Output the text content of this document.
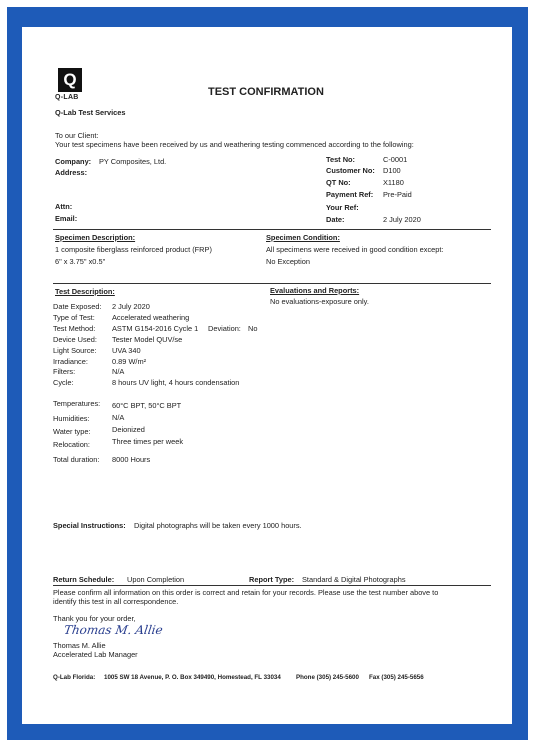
Q
Q-LAB
Q-Lab Test Services
TEST CONFIRMATION
To our Client:
Your test specimens have been received by us and weathering testing commenced according to the following:
Company: PY Composites, Ltd.
Address:
Attn:
Email:
Test No:	C-0001
Customer No: D100
QT No:	X1180
Payment Ref: Pre-Paid
Your Ref:
Date:	2 July 2020
Specimen Description:
1 composite fiberglass reinforced product (FRP)
6" x 3.75" x0.5"
Specimen Condition:
All specimens were received in good condition except:
No Exception
Test Description:	Evaluations and Reports:
No evaluations-exposure only.
Date Exposed: 2 July 2020
Type of Test: Accelerated weathering
Test Method: ASTM G154-2016 Cycle 1 Deviation: No
Device Used: Tester Model QUV/se
Light Source: UVA 340
Irradiance:	0.89 W/m²
Filters:	N/A
Cycle:	8 hours UV light, 4 hours condensation
Temperatures: 60°C BPT, 50°C BPT
Humidities:	N/A
Water type:	Deionized
Relocation:	Three times per week
Total duration: 8000 Hours
Special Instructions: Digital photographs will be taken every 1000 hours.
Return Schedule: Upon Completion	Report Type: Standard & Digital Photographs
Please confirm all information on this order is correct and retain for your records. Please use the test number above to
identify this test in all correspondence.
Thank you for your order,
Thomas M. Allie
Thomas M. Allie
Accelerated Lab Manager
Q-Lab Florida: 1005 SW 18 Avenue, P. O. Box 349490, Homestead, FL 33034 Phone (305) 245-5600 Fax (305) 245-5656
